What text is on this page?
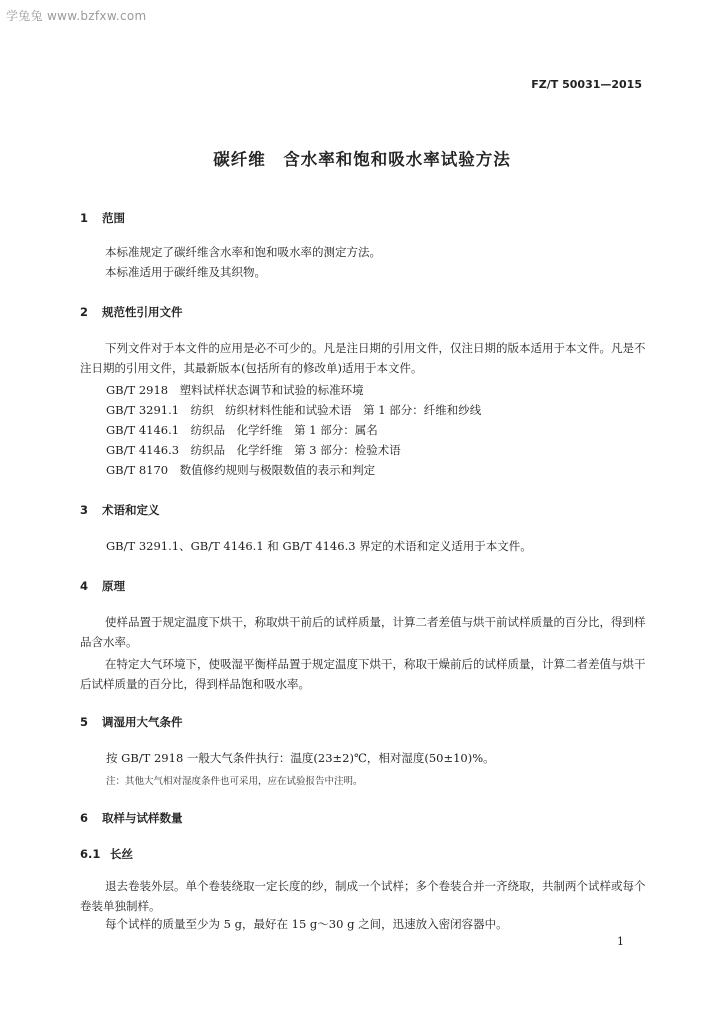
学兔兔 www.bzfxw.com
FZ/T 50031—2015
碳纤维　含水率和饱和吸水率试验方法
1 范围
本标准规定了碳纤维含水率和饱和吸水率的测定方法。
本标准适用于碳纤维及其织物。
2 规范性引用文件
下列文件对于本文件的应用是必不可少的。凡是注日期的引用文件，仅注日期的版本适用于本文件。凡是不注日期的引用文件，其最新版本(包括所有的修改单)适用于本文件。
GB/T 2918　塑料试样状态调节和试验的标准环境
GB/T 3291.1　纺织　纺织材料性能和试验术语　第 1 部分：纤维和纱线
GB/T 4146.1　纺织品　化学纤维　第 1 部分：属名
GB/T 4146.3　纺织品　化学纤维　第 3 部分：检验术语
GB/T 8170　数值修约规则与极限数值的表示和判定
3 术语和定义
GB/T 3291.1、GB/T 4146.1 和 GB/T 4146.3 界定的术语和定义适用于本文件。
4 原理
使样品置于规定温度下烘干，称取烘干前后的试样质量，计算二者差值与烘干前试样质量的百分比，得到样品含水率。
在特定大气环境下，使吸湿平衡样品置于规定温度下烘干，称取干燥前后的试样质量，计算二者差值与烘干后试样质量的百分比，得到样品饱和吸水率。
5 调湿用大气条件
按 GB/T 2918 一般大气条件执行：温度(23±2)℃，相对湿度(50±10)%。
注：其他大气相对湿度条件也可采用，应在试验报告中注明。
6 取样与试样数量
6.1 长丝
退去卷装外层。单个卷装绕取一定长度的纱，制成一个试样；多个卷装合并一齐绕取，共制两个试样或每个卷装单独制样。
每个试样的质量至少为 5 g，最好在 15 g～30 g 之间，迅速放入密闭容器中。
1
